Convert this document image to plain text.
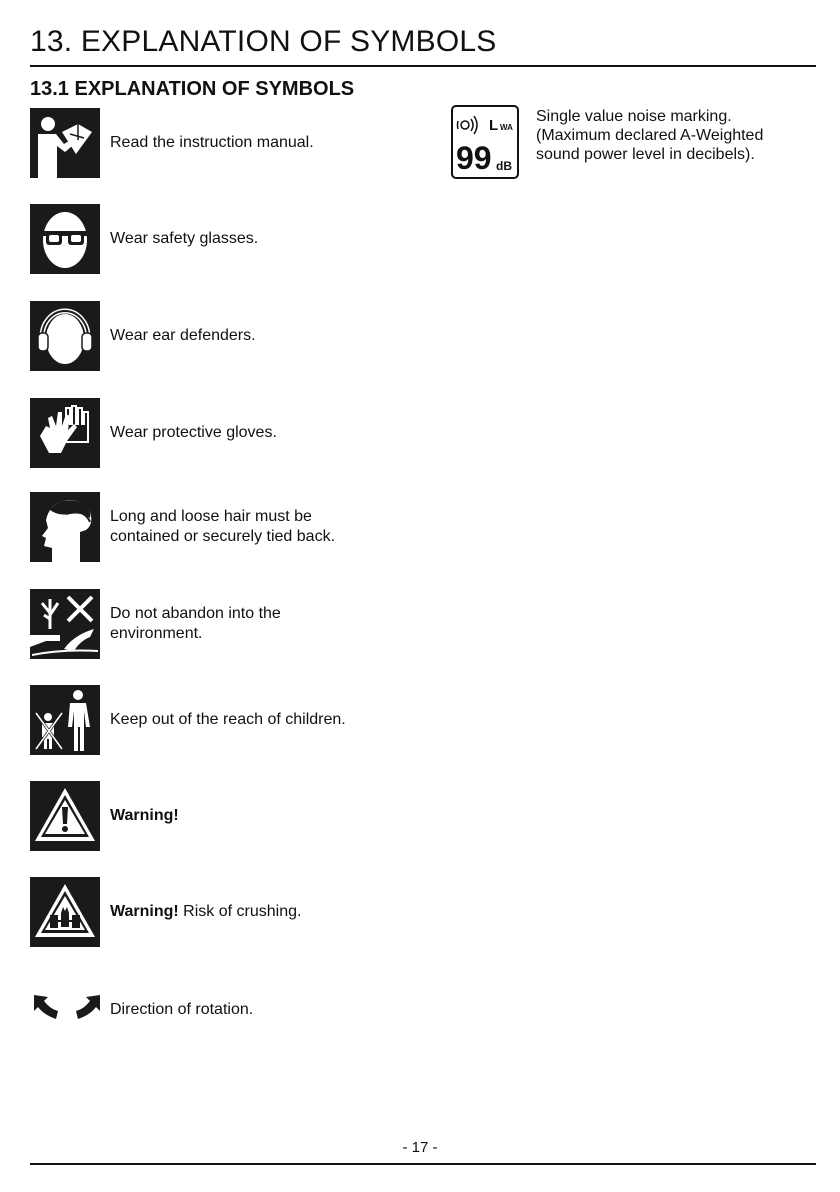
13. EXPLANATION OF SYMBOLS
13.1 EXPLANATION OF SYMBOLS
Read the instruction manual.
Wear safety glasses.
Wear ear defenders.
Wear protective gloves.
Long and loose hair must be
contained or securely tied back.
Do not abandon into the
environment.
Keep out of the reach of children.
Warning!
Warning! Risk of crushing.
Direction of rotation.
L WA
99 dB
Single value noise marking.
(Maximum declared A-Weighted
sound power level in decibels).
- 17 -
